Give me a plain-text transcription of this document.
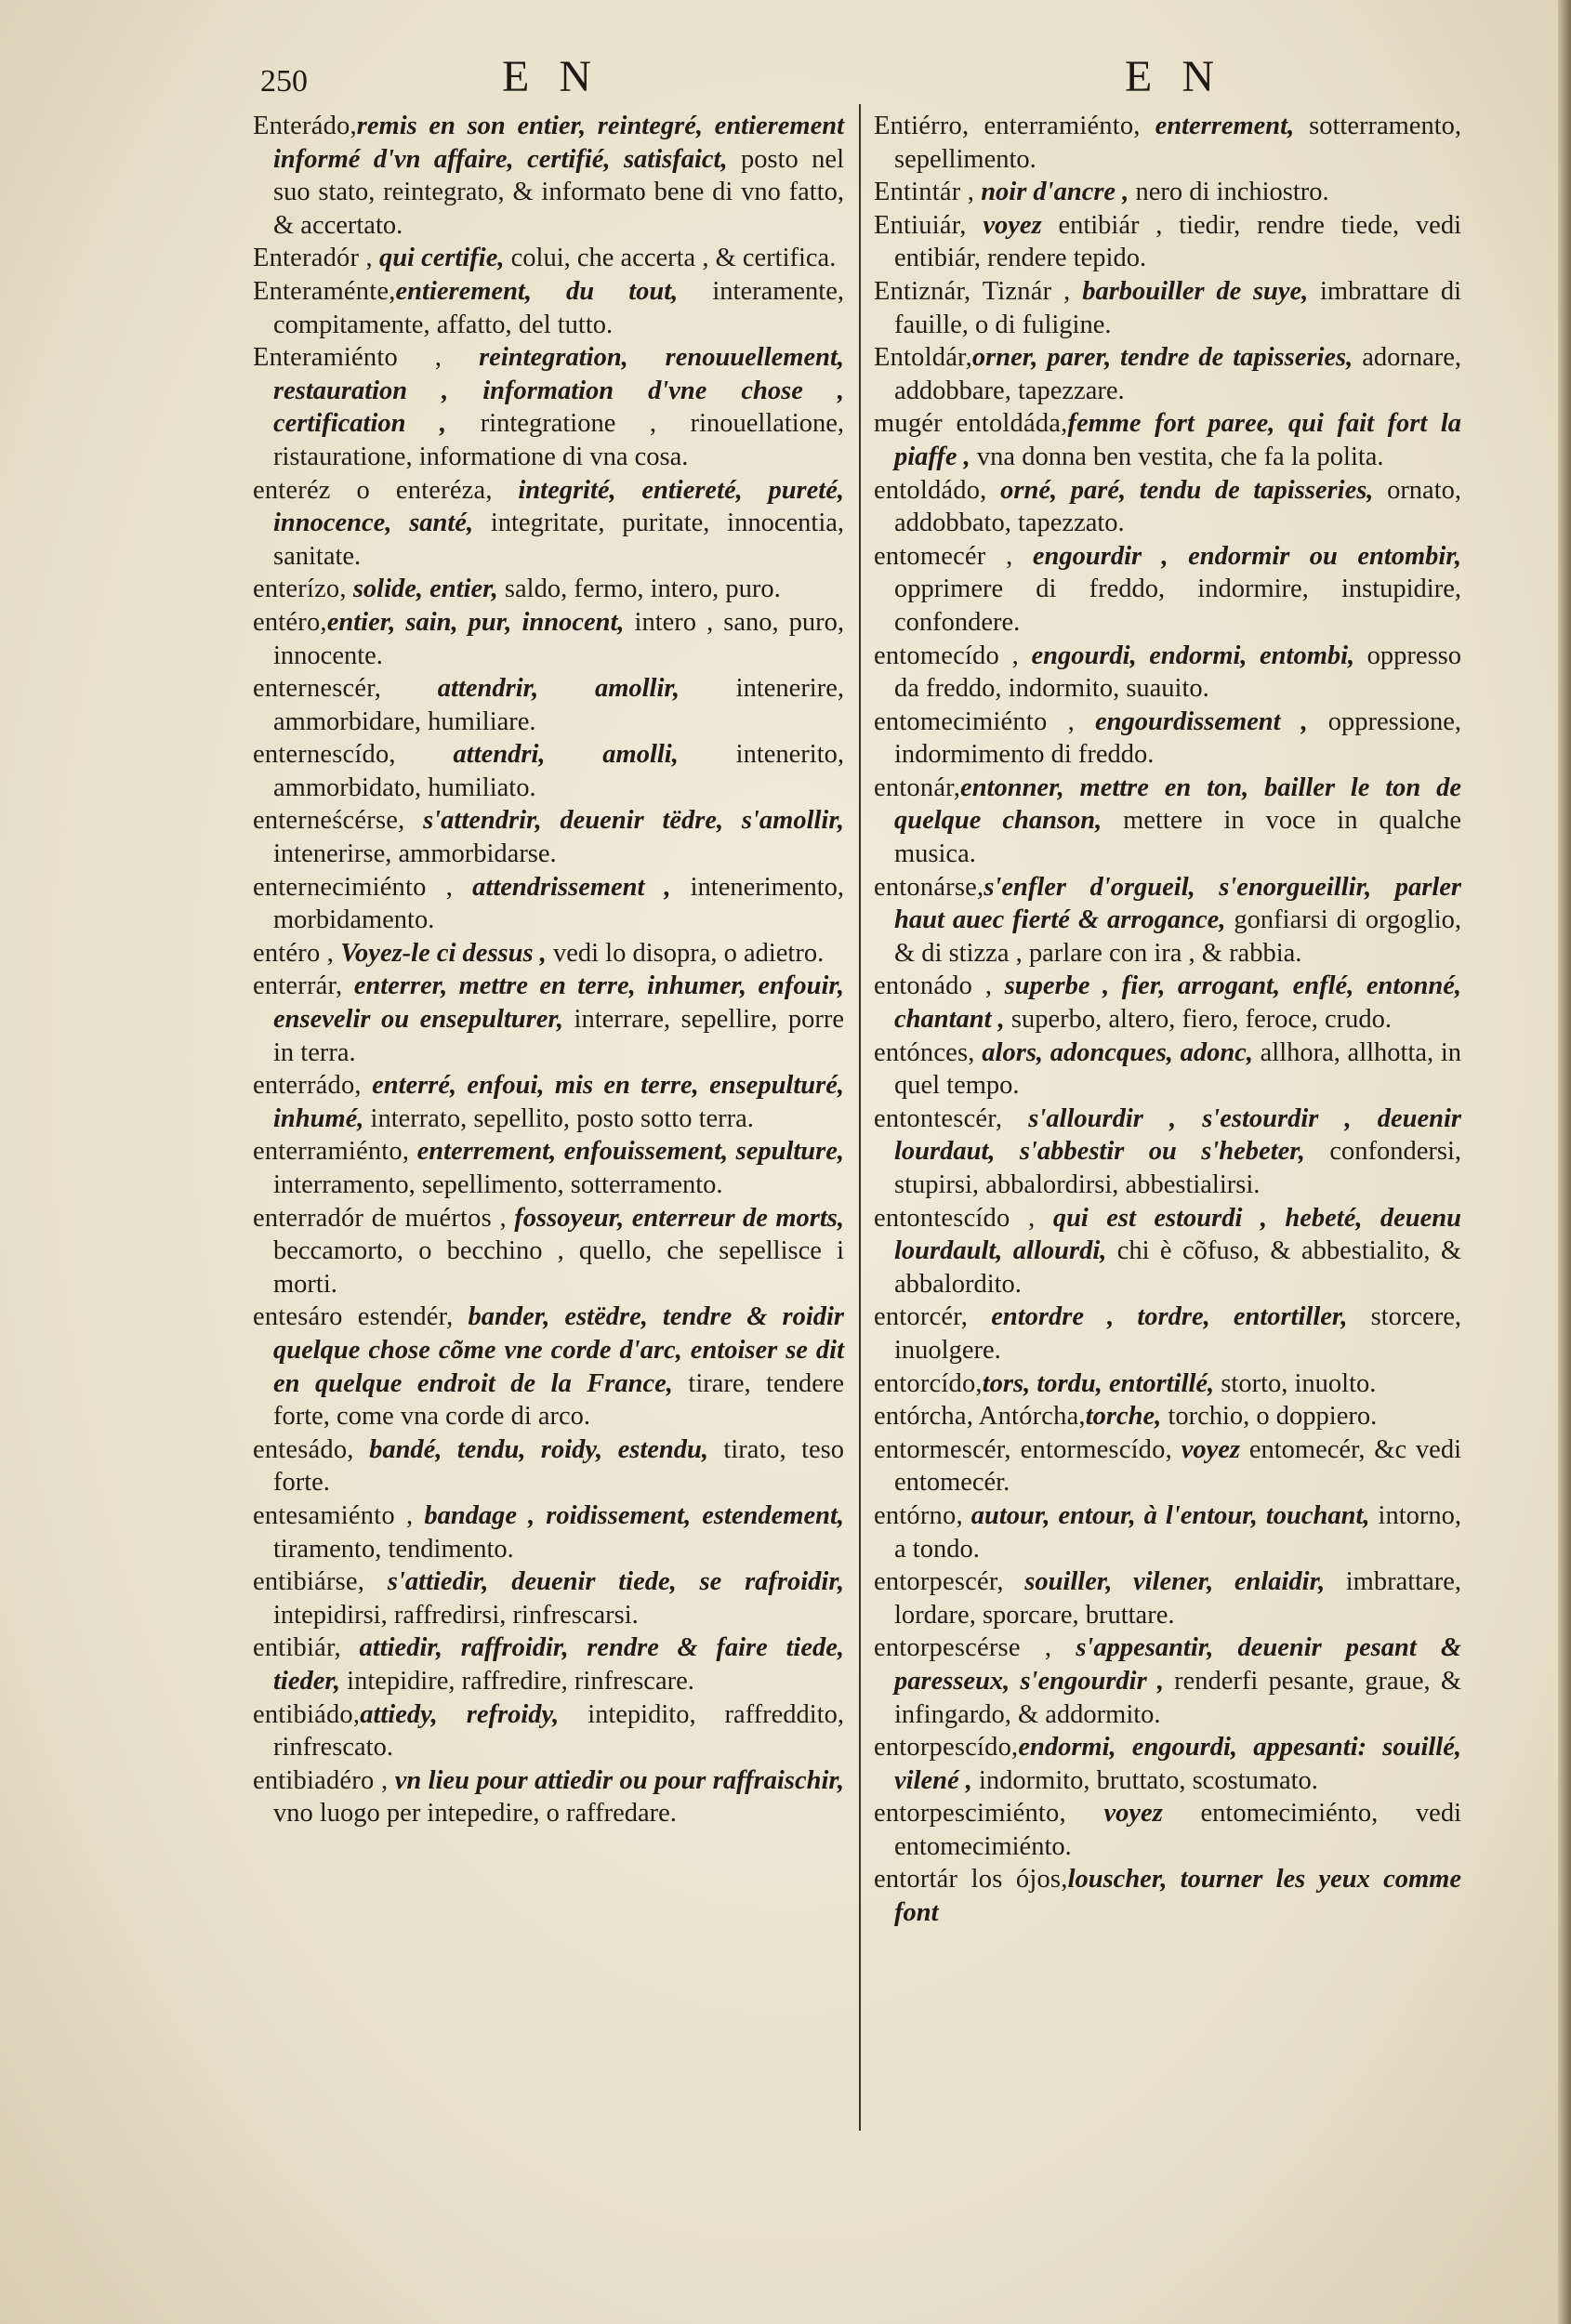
250	E N	E N
Enterádo,remis en son entier, reintegré, entierement informé d'vn affaire, certifié, satisfaict, posto nel suo stato, reintegrato, & informato bene di vno fatto, & accertato.
Enteradór , qui certifie, colui, che accerta , & certifica.
Enteraménte,entierement, du tout, interamente, compitamente, affatto, del tutto.
Enteramiénto , reintegration, renouuellement, restauration , information d'vne chose , certification , rintegratione , rinouellatione, ristauratione, informatione di vna cosa.
enteréz o enteréza, integrité, entiereté, pureté, innocence, santé, integritate, puritate, innocentia, sanitate.
enterízo, solide, entier, saldo, fermo, intero, puro.
entéro,entier, sain, pur, innocent, intero , sano, puro, innocente.
enternescér, attendrir, amollir, intenerire, ammorbidare, humiliare.
enternescído, attendri, amolli, intenerito, ammorbidato, humiliato.
enterneścérse, s'attendrir, deuenir tëdre, s'amollir, intenerirse, ammorbidarse.
enternecimiénto , attendrissement , intenerimento, morbidamento.
entéro , Voyez-le ci dessus , vedi lo disopra, o adietro.
enterrár, enterrer, mettre en terre, inhumer, enfouir, ensevelir ou ensepulturer, interrare, sepellire, porre in terra.
enterrádo, enterré, enfoui, mis en terre, ensepulturé, inhumé, interrato, sepellito, posto sotto terra.
enterramiénto, enterrement, enfouissement, sepulture, interramento, sepellimento, sotterramento.
enterradór de muértos , fossoyeur, enterreur de morts, beccamorto, o becchino , quello, che sepellisce i morti.
entesáro estendér, bander, estëdre, tendre & roidir quelque chose cõme vne corde d'arc, entoiser se dit en quelque endroit de la France, tirare, tendere forte, come vna corde di arco.
entesádo, bandé, tendu, roidy, estendu, tirato, teso forte.
entesamiénto , bandage , roidissement, estendement, tiramento, tendimento.
entibiárse, s'attiedir, deuenir tiede, se rafroidir, intepidirsi, raffredirsi, rinfrescarsi.
entibiár, attiedir, raffroidir, rendre & faire tiede, tieder, intepidire, raffredire, rinfrescare.
entibiádo,attiedy, refroidy, intepidito, raffreddito, rinfrescato.
entibiadéro , vn lieu pour attiedir ou pour raffraischir, vno luogo per intepedire, o raffredare.
Entiérro, enterramiénto, enterrement, sotterramento, sepellimento.
Entintár , noir d'ancre , nero di inchiostro.
Entiuiár, voyez entibiár , tiedir, rendre tiede, vedi entibiár, rendere tepido.
Entiznár, Tiznár , barbouiller de suye, imbrattare di fauille, o di fuligine.
Entoldár,orner, parer, tendre de tapisseries, adornare, addobbare, tapezzare.
mugér entoldáda,femme fort paree, qui fait fort la piaffe , vna donna ben vestita, che fa la polita.
entoldádo, orné, paré, tendu de tapisseries, ornato, addobbato, tapezzato.
entomecér , engourdir , endormir ou entombir, opprimere di freddo, indormire, instupidire, confondere.
entomecído , engourdi, endormi, entombi, oppresso da freddo, indormito, suauito.
entomecimiénto , engourdissement , oppressione, indormimento di freddo.
entonár,entonner, mettre en ton, bailler le ton de quelque chanson, mettere in voce in qualche musica.
entonárse,s'enfler d'orgueil, s'enorgueillir, parler haut auec fierté & arrogance, gonfiarsi di orgoglio, & di stizza , parlare con ira , & rabbia.
entonádo , superbe , fier, arrogant, enflé, entonné, chantant , superbo, altero, fiero, feroce, crudo.
entónces, alors, adoncques, adonc, allhora, allhotta, in quel tempo.
entontescér, s'allourdir , s'estourdir , deuenir lourdaut, s'abbestir ou s'hebeter, confondersi, stupirsi, abbalordirsi, abbestialirsi.
entontescído , qui est estourdi , hebeté, deuenu lourdault, allourdi, chi è cõfuso, & abbestialito, & abbalordito.
entorcér, entordre , tordre, entortiller, storcere, inuolgere.
entorcído,tors, tordu, entortillé, storto, inuolto.
entórcha, Antórcha,torche, torchio, o doppiero.
entormescér, entormescído, voyez entomecér, &c vedi entomecér.
entórno, autour, entour, à l'entour, touchant, intorno, a tondo.
entorpescér, souiller, vilener, enlaidir, imbrattare, lordare, sporcare, bruttare.
entorpescérse , s'appesantir, deuenir pesant & paresseux, s'engourdir , renderfi pesante, graue, & infingardo, & addormito.
entorpescído,endormi, engourdi, appesanti: souillé, vilené , indormito, bruttato, scostumato.
entorpescimiénto, voyez entomecimiénto, vedi entomecimiénto.
entortár los ójos,louscher, tourner les yeux comme font
